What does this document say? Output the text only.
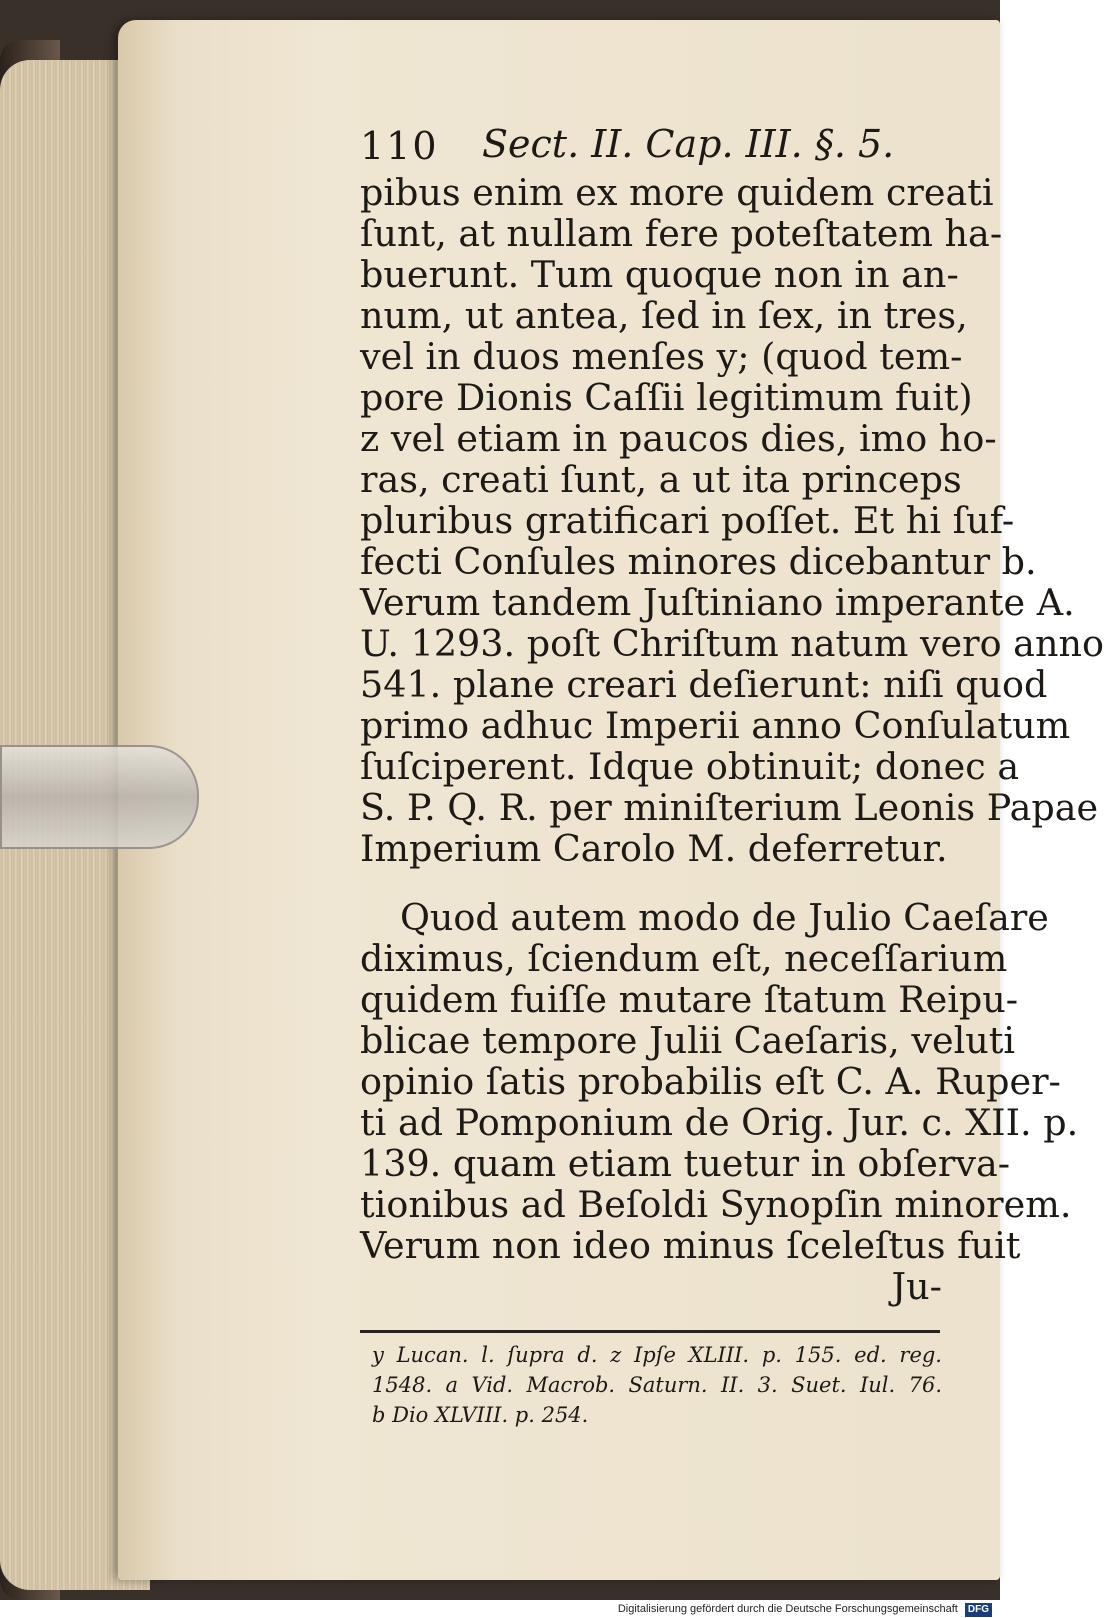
110 Sect. II. Cap. III. §. 5.
pibus enim ex more quidem creati
ſunt, at nullam fere poteſtatem ha-
buerunt. Tum quoque non in an-
num, ut antea, ſed in ſex, in tres,
vel in duos menſes y; (quod tem-
pore Dionis Caſſii legitimum fuit)
z vel etiam in paucos dies, imo ho-
ras, creati ſunt, a ut ita princeps
pluribus gratificari poſſet. Et hi ſuf-
fecti Conſules minores dicebantur b.
Verum tandem Juſtiniano imperante A.
U. 1293. poſt Chriſtum natum vero anno
541. plane creari deſierunt: niſi quod
primo adhuc Imperii anno Conſulatum
ſuſciperent. Idque obtinuit; donec a
S. P. Q. R. per miniſterium Leonis Papae
Imperium Carolo M. deferretur.
Quod autem modo de Julio Caeſare
diximus, ſciendum eſt, neceſſarium
quidem fuiſſe mutare ſtatum Reipu-
blicae tempore Julii Caeſaris, veluti
opinio ſatis probabilis eſt C. A. Ruper-
ti ad Pomponium de Orig. Jur. c. XII. p.
139. quam etiam tuetur in obſerva-
tionibus ad Beſoldi Synopſin minorem.
Verum non ideo minus ſceleſtus fuit
Ju-
y Lucan. l. ſupra d. z Ipſe XLIII. p. 155. ed. reg.
1548. a Vid. Macrob. Saturn. II. 3. Suet. Iul. 76.
b Dio XLVIII. p. 254.
Digitalisierung gefördert durch die Deutsche Forschungsgemeinschaft DFG
